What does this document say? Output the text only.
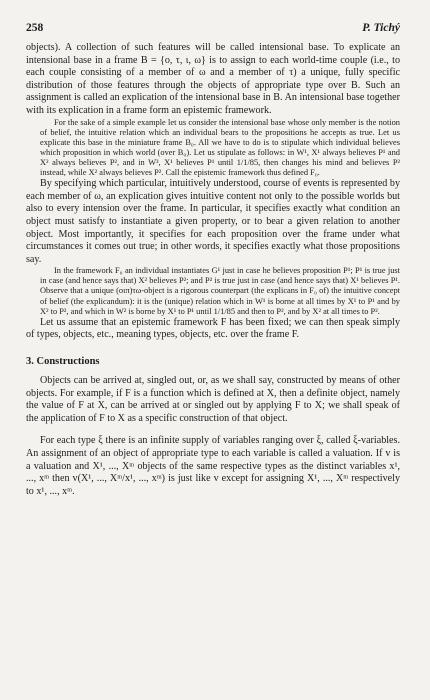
258	P. Tichý

objects). A collection of such features will be called intensional base. To explicate an intensional base in a frame B = {o, τ, ι, ω} is to assign to each world-time couple (i.e., to each couple consisting of a member of ω and a member of τ) a unique, fully specific distribution of those features through the objects of appropriate type over B. Such an assignment is called an explication of the intensional base in B. An intensional base together with its explication in a frame form an epistemic framework.

For the sake of a simple example let us consider the intensional base whose only member is the notion of belief, the intuitive relation which an individual bears to the propositions he accepts as true. Let us explicate this base in the miniature frame B₀. All we have to do is to stipulate which individual believes which proposition in which world (over B₀). Let us stipulate as follows: in W¹, X¹ always believes P¹ and X² always believes P², and in W³, X¹ believes P¹ until 1/1/85, then changes his mind and believes P² instead, while X² always believes P². Call the epistemic framework thus defined F₀.

By specifying which particular, intuitively understood, course of events is represented by each member of ω, an explication gives intuitive content not only to the possible worlds but also to every intension over the frame. In particular, it specifies exactly what condition an object must satisfy to instantiate a given property, or to bear a given relation to another object. Most importantly, it specifies for each proposition over the frame under what circumstances it comes out true; in other words, it specifies exactly what those propositions say.

In the framework F₀ an individual instantiates G¹ just in case he believes proposition P¹; P¹ is true just in case (and hence says that) X² believes P²; and P² is true just in case (and hence says that) X¹ believes P¹. Observe that a unique (οιπ)τω-object is a rigorous counterpart (the explicans in F₀ of) the intuitive concept of belief (the explicandum): it is the (unique) relation which in W¹ is borne at all times by X¹ to P¹ and by X² to P², and which in W² is borne by X¹ to P¹ until 1/1/85 and then to P², and by X² at all times to P².

Let us assume that an epistemic framework F has been fixed; we can then speak simply of types, objects, etc., meaning types, objects, etc. over the frame F.

3. Constructions

Objects can be arrived at, singled out, or, as we shall say, constructed by means of other objects. For example, if F is a function which is defined at X, then a definite object, namely the value of F at X, can be arrived at or singled out by applying F to X; we shall speak of the application of F to X as a specific construction of that object.

For each type ξ there is an infinite supply of variables ranging over ξ, called ξ-variables. An assignment of an object of appropriate type to each variable is called a valuation. If v is a valuation and X¹, ..., Xᵐ objects of the same respective types as the distinct variables x¹, ..., xᵐ then v(X¹, ..., Xᵐ/x¹, ..., xᵐ) is just like v except for assigning X¹, ..., Xᵐ respectively to x¹, ..., xᵐ.
